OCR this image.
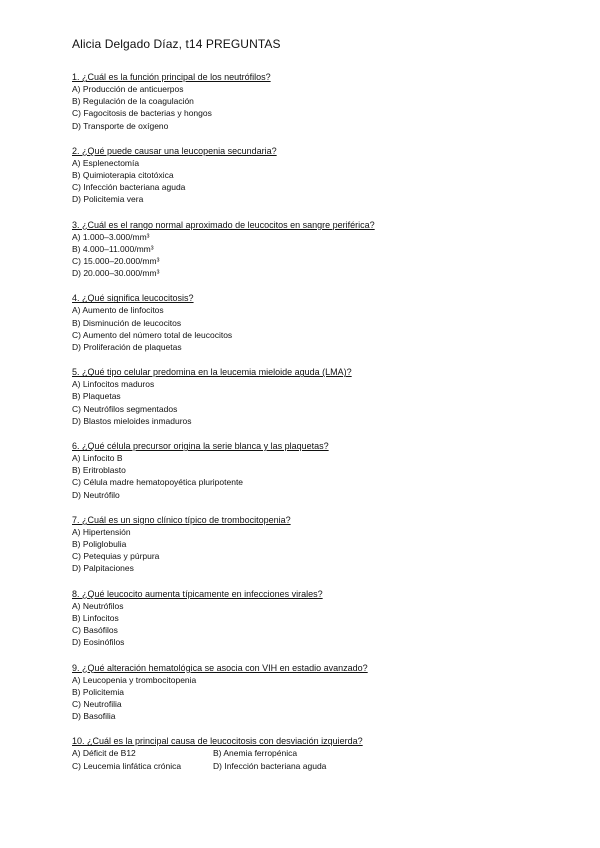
Alicia Delgado Díaz, t14 PREGUNTAS
1. ¿Cuál es la función principal de los neutrófilos?
A) Producción de anticuerpos
B) Regulación de la coagulación
C) Fagocitosis de bacterias y hongos
D) Transporte de oxígeno
2. ¿Qué puede causar una leucopenia secundaria?
A) Esplenectomía
B) Quimioterapia citotóxica
C) Infección bacteriana aguda
D) Policitemia vera
3. ¿Cuál es el rango normal aproximado de leucocitos en sangre periférica?
A) 1.000–3.000/mm³
B) 4.000–11.000/mm³
C) 15.000–20.000/mm³
D) 20.000–30.000/mm³
4. ¿Qué significa leucocitosis?
A) Aumento de linfocitos
B) Disminución de leucocitos
C) Aumento del número total de leucocitos
D) Proliferación de plaquetas
5. ¿Qué tipo celular predomina en la leucemia mieloide aguda (LMA)?
A) Linfocitos maduros
B) Plaquetas
C) Neutrófilos segmentados
D) Blastos mieloides inmaduros
6. ¿Qué célula precursor origina la serie blanca y las plaquetas?
A) Linfocito B
B) Eritroblasto
C) Célula madre hematopoyética pluripotente
D) Neutrófilo
7. ¿Cuál es un signo clínico típico de trombocitopenia?
A) Hipertensión
B) Poliglobulia
C) Petequias y púrpura
D) Palpitaciones
8. ¿Qué leucocito aumenta típicamente en infecciones virales?
A) Neutrófilos
B) Linfocitos
C) Basófilos
D) Eosinófilos
9. ¿Qué alteración hematológica se asocia con VIH en estadio avanzado?
A) Leucopenia y trombocitopenia
B) Policitemia
C) Neutrofilia
D) Basofilia
10. ¿Cuál es la principal causa de leucocitosis con desviación izquierda?
A) Déficit de B12	B) Anemia ferropénica
C) Leucemia linfática crónica	D) Infección bacteriana aguda
